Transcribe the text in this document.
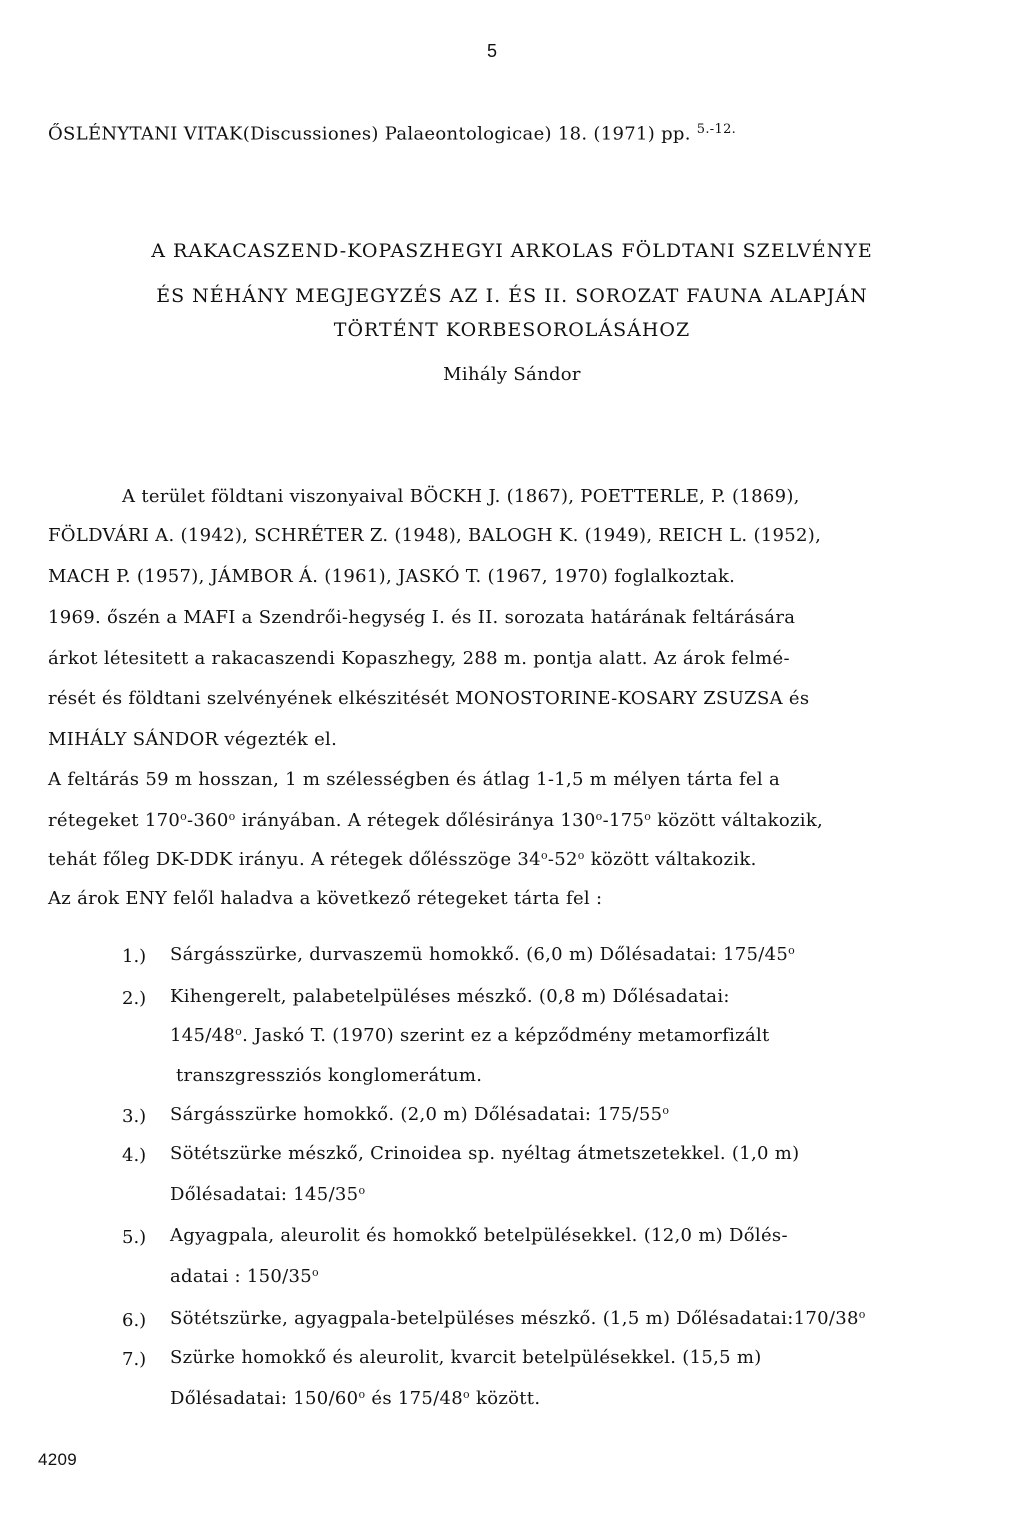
5
ŐSLÉNYTANI VITAK(Discussiones) Palaeontologicae) 18. (1971) pp. $^{5.-12.}$
A RAKACASZEND-KOPASZHEGYI ARKOLAS FÖLDTANI SZELVÉNYE
ÉS NÉHÁNY MEGJEGYZÉS AZ I. ÉS II. SOROZAT FAUNA ALAPJÁN
TÖRTÉNT KORBESOROLÁSÁHOZ
Mihály Sándor
A terület földtani viszonyaival BÖCKH J. (1867), POETTERLE, P. (1869),
FÖLDVÁRI A. (1942), SCHRÉTER Z. (1948), BALOGH K. (1949), REICH L. (1952),
MACH P. (1957), JÁMBOR Á. (1961), JASKÓ T. (1967, 1970) foglalkoztak.
1969. őszén a MAFI a Szendrői-hegység I. és II. sorozata határának feltárására
árkot létesitett a rakacaszendi Kopaszhegy, 288 m. pontja alatt. Az árok felmé-
rését és földtani szelvényének elkészitését MONOSTORINE-KOSARY ZSUZSA és
MIHÁLY SÁNDOR végezték el.
A feltárás 59 m hosszan, 1 m szélességben és átlag 1-1,5 m mélyen tárta fel a
rétegeket 170$^o$-360$^o$ irányában. A rétegek dőlésiránya 130$^o$-175$^o$ között váltakozik,
tehát főleg DK-DDK irányu. A rétegek dőlésszöge 34$^o$-52$^o$ között váltakozik.
Az árok ENY felől haladva a következő rétegeket tárta fel :
1.) Sárgásszürke, durvaszemü homokkő. (6,0 m) Dőlésadatai: 175/45$^o$
2.) Kihengerelt, palabetelpüléses mészkő. (0,8 m) Dőlésadatai:
145/48$^o$. Jaskó T. (1970) szerint ez a képződmény metamorfizált
transzgressziós konglomerátum.
3.) Sárgásszürke homokkő. (2,0 m) Dőlésadatai: 175/55$^o$
4.) Sötétszürke mészkő, Crinoidea sp. nyéltag átmetszetekkel. (1,0 m)
Dőlésadatai: 145/35$^o$
5.) Agyagpala, aleurolit és homokkő betelpülésekkel. (12,0 m) Dőlés-
adatai : 150/35$^o$
6.) Sötétszürke, agyagpala-betelpüléses mészkő. (1,5 m) Dőlésadatai:170/38$^o$
7.) Szürke homokkő és aleurolit, kvarcit betelpülésekkel. (15,5 m)
Dőlésadatai: 150/60$^o$ és 175/48$^o$ között.
4209
